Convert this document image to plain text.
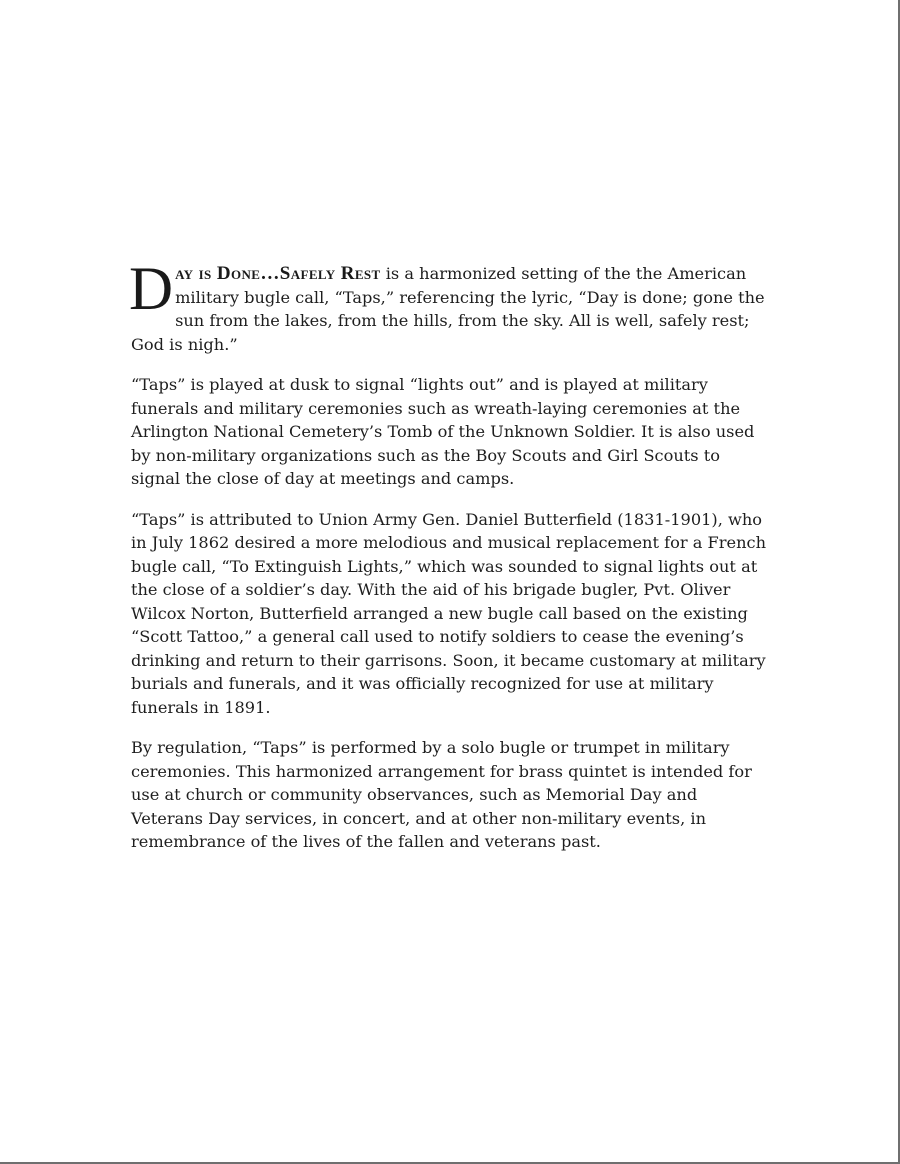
Day is Done…Safely Rest is a harmonized setting of the the American military bugle call, “Taps,” referencing the lyric, “Day is done; gone the sun from the lakes, from the hills, from the sky. All is well, safely rest; God is nigh.”

“Taps” is played at dusk to signal “lights out” and is played at military funerals and military ceremonies such as wreath-laying ceremonies at the Arlington National Cemetery’s Tomb of the Unknown Soldier. It is also used by non-military organizations such as the Boy Scouts and Girl Scouts to signal the close of day at meetings and camps.

“Taps” is attributed to Union Army Gen. Daniel Butterfield (1831-1901), who in July 1862 desired a more melodious and musical replacement for a French bugle call, “To Extinguish Lights,” which was sounded to signal lights out at the close of a soldier’s day. With the aid of his brigade bugler, Pvt. Oliver Wilcox Norton, Butterfield arranged a new bugle call based on the existing “Scott Tattoo,” a general call used to notify soldiers to cease the evening’s drinking and return to their garrisons. Soon, it became customary at military burials and funerals, and it was officially recognized for use at military funerals in 1891.

By regulation, “Taps” is performed by a solo bugle or trumpet in military ceremonies. This harmonized arrangement for brass quintet is intended for use at church or community observances, such as Memorial Day and Veterans Day services, in concert, and at other non-military events, in remembrance of the lives of the fallen and veterans past.
